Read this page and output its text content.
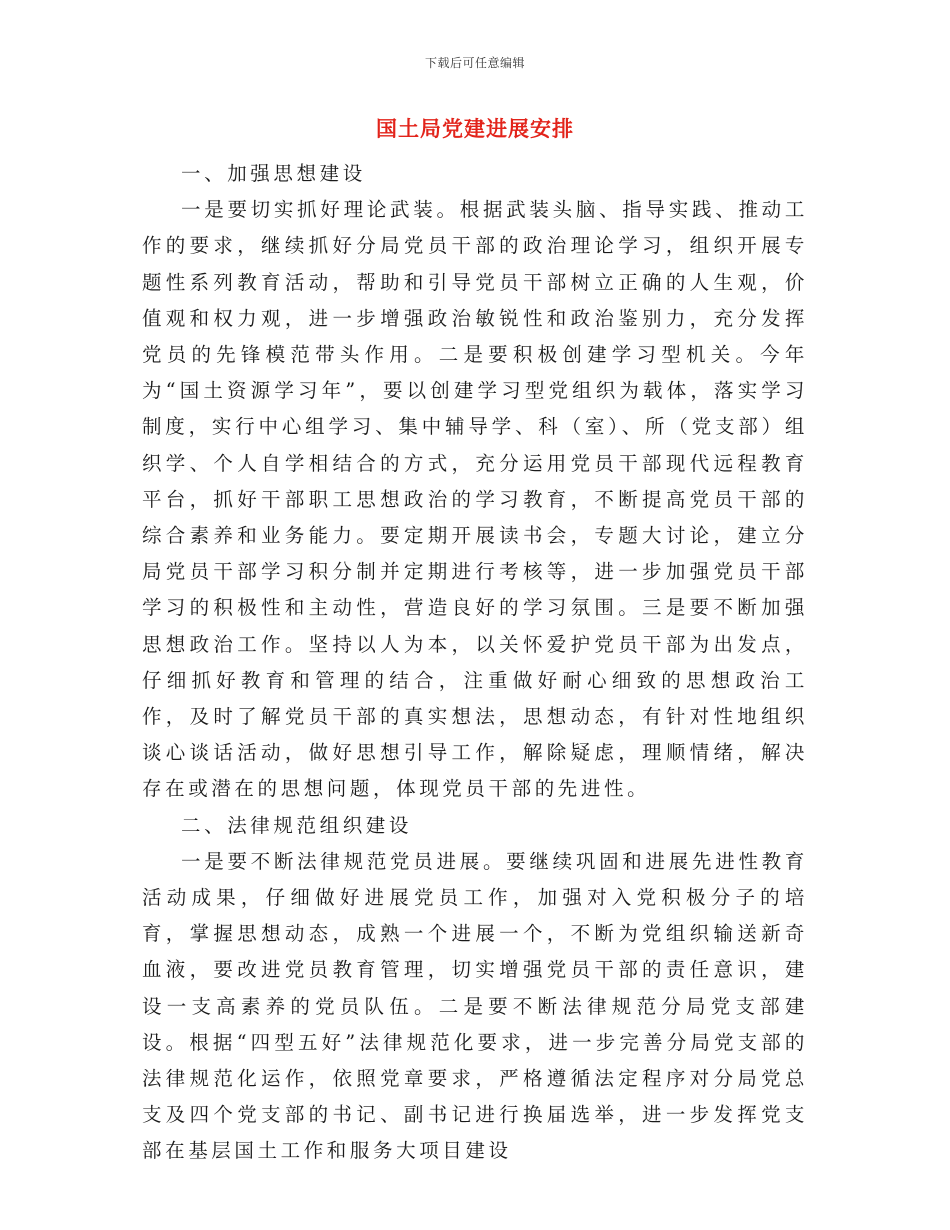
下载后可任意编辑
国土局党建进展安排

一、加强思想建设

一是要切实抓好理论武装。根据武装头脑、指导实践、推动工作的要求，继续抓好分局党员干部的政治理论学习，组织开展专题性系列教育活动，帮助和引导党员干部树立正确的人生观，价值观和权力观，进一步增强政治敏锐性和政治鉴别力，充分发挥党员的先锋模范带头作用。二是要积极创建学习型机关。今年为“国土资源学习年”，要以创建学习型党组织为载体，落实学习制度，实行中心组学习、集中辅导学、科（室）、所（党支部）组织学、个人自学相结合的方式，充分运用党员干部现代远程教育平台，抓好干部职工思想政治的学习教育，不断提高党员干部的综合素养和业务能力。要定期开展读书会，专题大讨论，建立分局党员干部学习积分制并定期进行考核等，进一步加强党员干部学习的积极性和主动性，营造良好的学习氛围。三是要不断加强思想政治工作。坚持以人为本，以关怀爱护党员干部为出发点，仔细抓好教育和管理的结合，注重做好耐心细致的思想政治工作，及时了解党员干部的真实想法，思想动态，有针对性地组织谈心谈话活动，做好思想引导工作，解除疑虑，理顺情绪，解决存在或潜在的思想问题，体现党员干部的先进性。

二、法律规范组织建设

一是要不断法律规范党员进展。要继续巩固和进展先进性教育活动成果，仔细做好进展党员工作，加强对入党积极分子的培育，掌握思想动态，成熟一个进展一个，不断为党组织输送新奇血液，要改进党员教育管理，切实增强党员干部的责任意识，建设一支高素养的党员队伍。二是要不断法律规范分局党支部建设。根据“四型五好”法律规范化要求，进一步完善分局党支部的法律规范化运作，依照党章要求，严格遵循法定程序对分局党总支及四个党支部的书记、副书记进行换届选举，进一步发挥党支部在基层国土工作和服务大项目建设
